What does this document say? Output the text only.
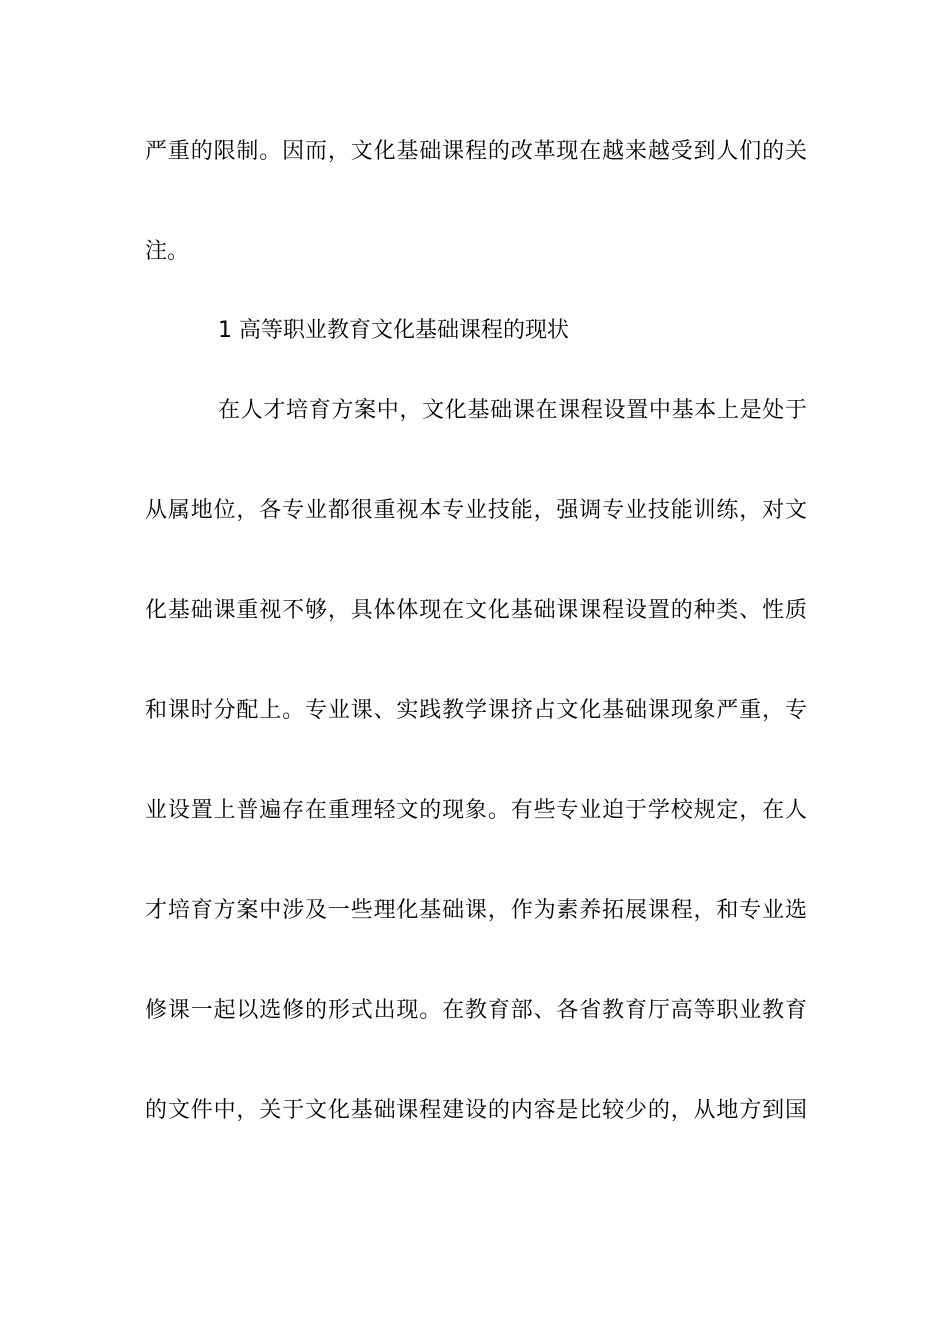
严重的限制。因而，文化基础课程的改革现在越来越受到人们的关
注。
1 高等职业教育文化基础课程的现状
在人才培育方案中，文化基础课在课程设置中基本上是处于
从属地位，各专业都很重视本专业技能，强调专业技能训练，对文
化基础课重视不够，具体体现在文化基础课课程设置的种类、性质
和课时分配上。专业课、实践教学课挤占文化基础课现象严重，专
业设置上普遍存在重理轻文的现象。有些专业迫于学校规定，在人
才培育方案中涉及一些理化基础课，作为素养拓展课程，和专业选
修课一起以选修的形式出现。在教育部、各省教育厅高等职业教育
的文件中，关于文化基础课程建设的内容是比较少的，从地方到国
